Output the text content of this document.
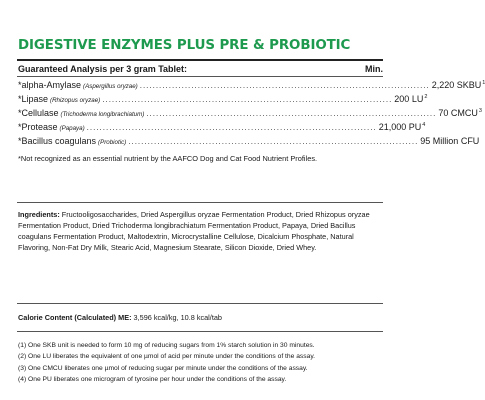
DIGESTIVE ENZYMES PLUS PRE & PROBIOTIC
Guaranteed Analysis per 3 gram Tablet:	Min.
*alpha-Amylase (Aspergillus oryzae) .......................................................................................... 2,220 SKBU$^1$
*Lipase (Rhizopus oryzae) .......................................................................................... 200 $LU^2$
*Cellulase (Trichoderma longibrachiatum) .......................................................................................... 70 CMCU$^3$
*Protease (Papaya) .......................................................................................... 21,000 $PU^4$
*Bacillus coagulans (Probiotic) .......................................................................................... 95 Million CFU
*Not recognized as an essential nutrient by the AAFCO Dog and Cat Food Nutrient Profiles.
Ingredients: Fructooligosaccharides, Dried Aspergillus oryzae Fermentation Product, Dried Rhizopus oryzae Fermentation Product, Dried Trichoderma longibrachiatum Fermentation Product, Papaya, Dried Bacillus coagulans Fermentation Product, Maltodextrin, Microcrystalline Cellulose, Dicalcium Phosphate, Natural Flavoring, Non-Fat Dry Milk, Stearic Acid, Magnesium Stearate, Silicon Dioxide, Dried Whey.
Calorie Content (Calculated) ME: 3,596 kcal/kg, 10.8 kcal/tab
(1) One SKB unit is needed to form 10 mg of reducing sugars from 1% starch solution in 30 minutes.
(2) One LU liberates the equivalent of one µmol of acid per minute under the conditions of the assay.
(3) One CMCU liberates one µmol of reducing sugar per minute under the conditions of the assay.
(4) One PU liberates one microgram of tyrosine per hour under the conditions of the assay.
